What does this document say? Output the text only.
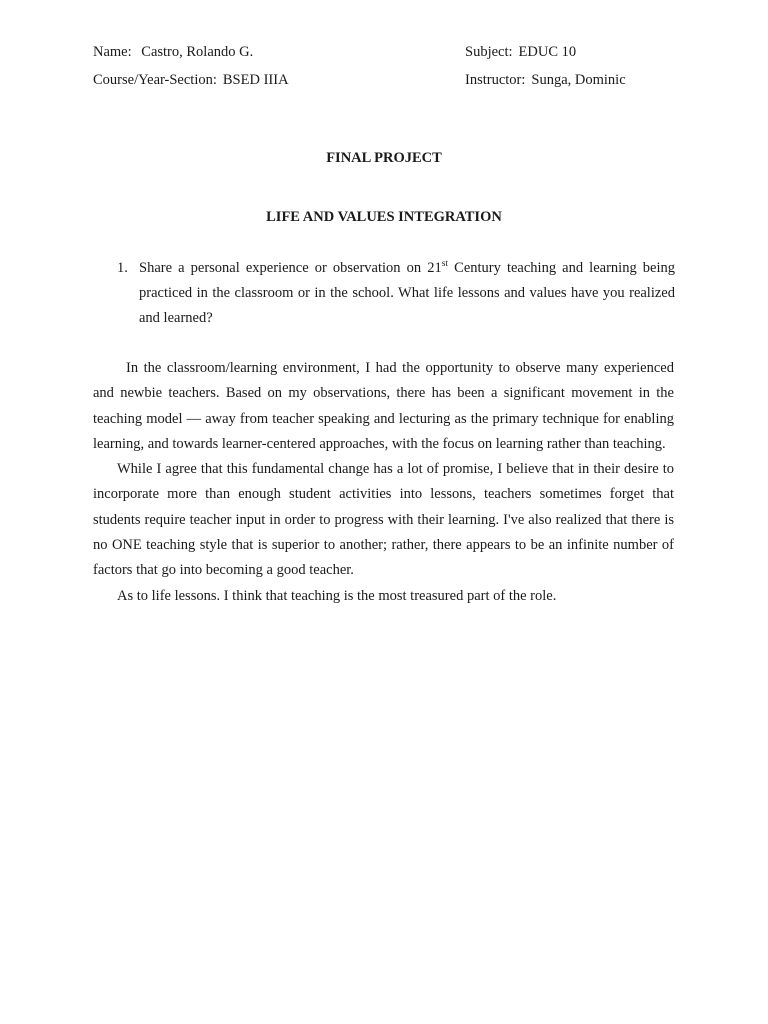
Name: Castro, Rolando G.	Subject: EDUC 10
Course/Year-Section: BSED IIIA	Instructor: Sunga, Dominic
FINAL PROJECT
LIFE AND VALUES INTEGRATION
1. Share a personal experience or observation on 21st Century teaching and learning being practiced in the classroom or in the school. What life lessons and values have you realized and learned?

In the classroom/learning environment, I had the opportunity to observe many experienced and newbie teachers. Based on my observations, there has been a significant movement in the teaching model — away from teacher speaking and lecturing as the primary technique for enabling learning, and towards learner-centered approaches, with the focus on learning rather than teaching.

While I agree that this fundamental change has a lot of promise, I believe that in their desire to incorporate more than enough student activities into lessons, teachers sometimes forget that students require teacher input in order to progress with their learning. I've also realized that there is no ONE teaching style that is superior to another; rather, there appears to be an infinite number of factors that go into becoming a good teacher.

As to life lessons. I think that teaching is the most treasured part of the role.
